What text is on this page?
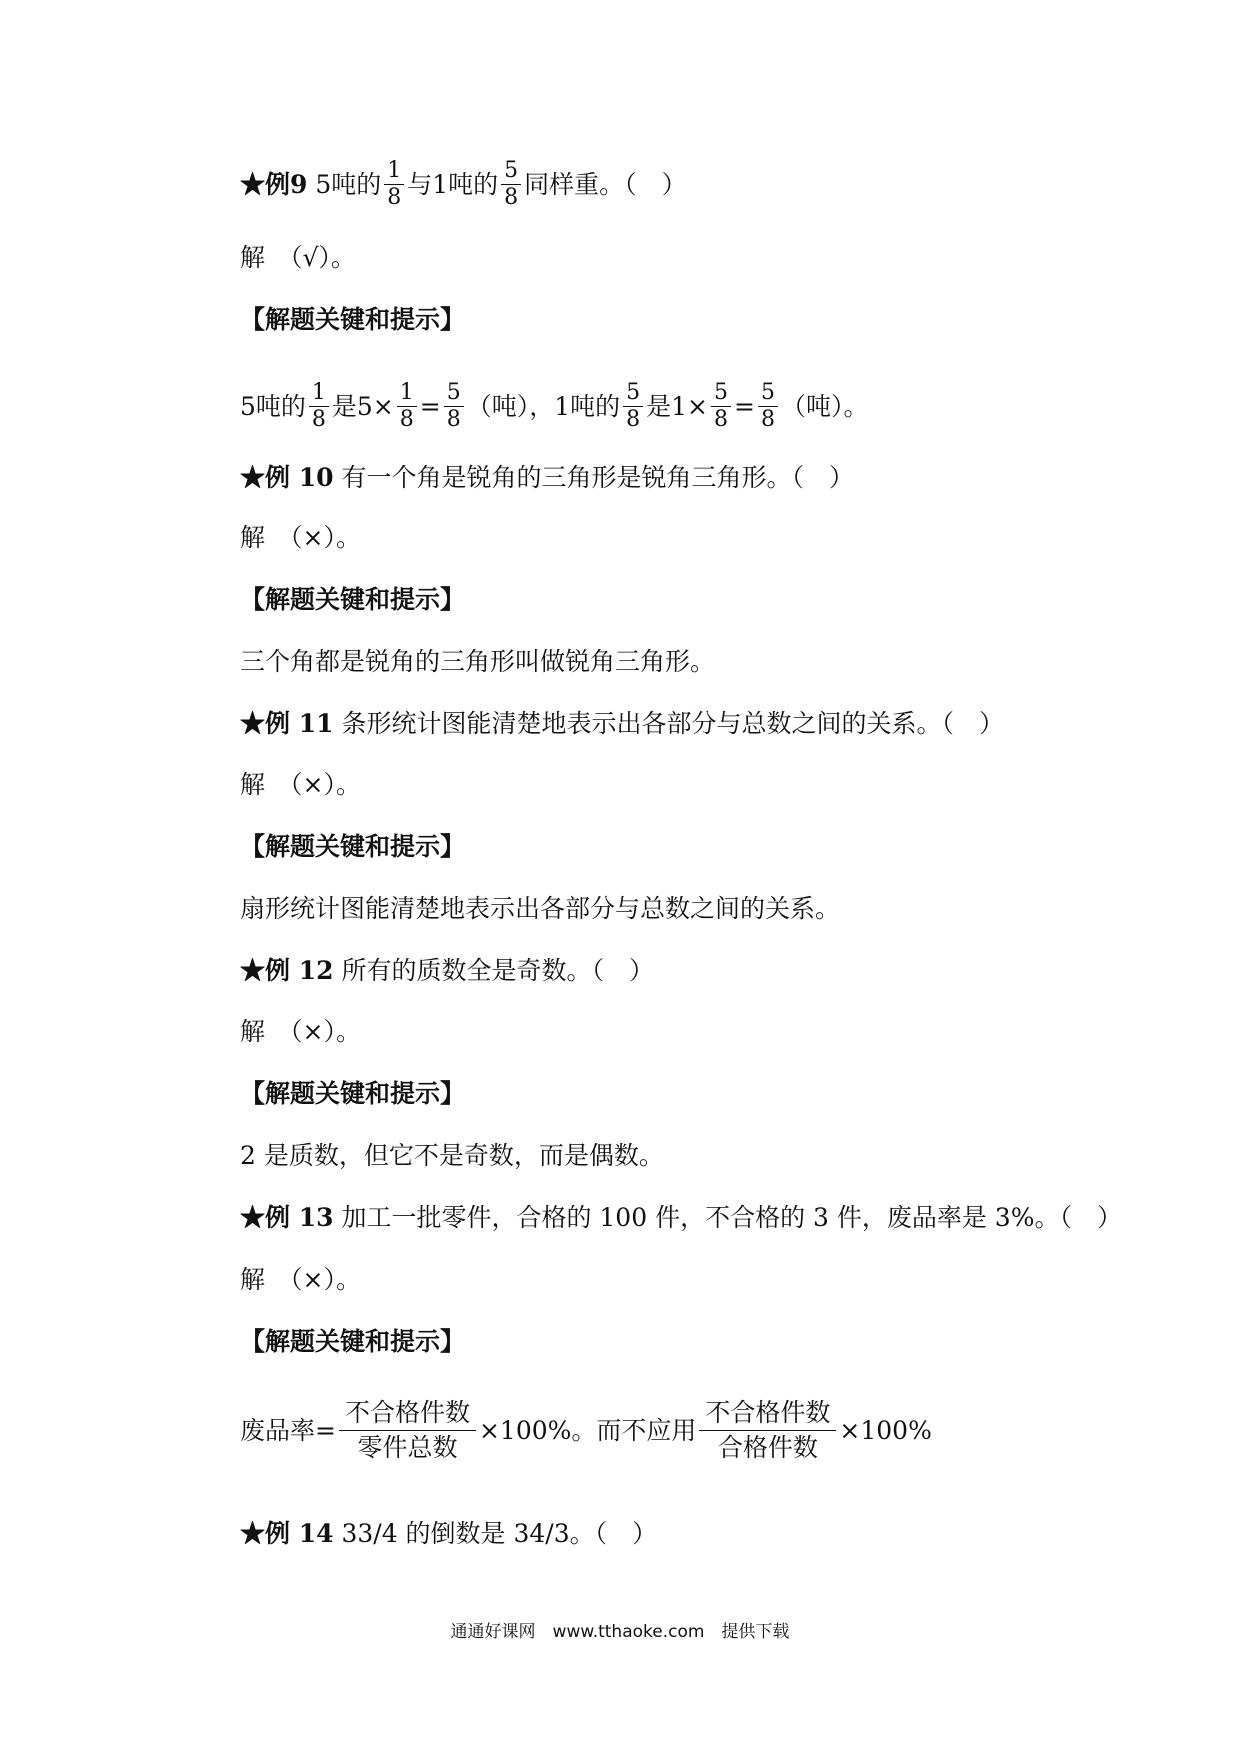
★例9 5吨的 $\frac{1}{8}$ 与1吨的 $\frac{5}{8}$ 同样重。（　）
解　（√）。
【解题关键和提示】
5吨的 $\frac{1}{8}$ 是$5\times \frac{1}{8} = \frac{5}{8}$ （吨），1吨的 $\frac{5}{8}$ 是$1\times \frac{5}{8} = \frac{5}{8}$ （吨）。
★例 10 有一个角是锐角的三角形是锐角三角形。（　）
解　（×）。
【解题关键和提示】
三个角都是锐角的三角形叫做锐角三角形。
★例 11 条形统计图能清楚地表示出各部分与总数之间的关系。（　）
解　（×）。
【解题关键和提示】
扇形统计图能清楚地表示出各部分与总数之间的关系。
★例 12 所有的质数全是奇数。（　）
解　（×）。
【解题关键和提示】
2 是质数，但它不是奇数，而是偶数。
★例 13 加工一批零件，合格的 100 件，不合格的 3 件，废品率是 3%。（　）
解　（×）。
【解题关键和提示】
废品率= $\frac{\text{不合格件数}}{\text{零件总数}} \times 100\%$。而不应用 $\frac{\text{不合格件数}}{\text{合格件数}} \times 100\%$
★例 14 33/4 的倒数是 34/3。（　）
通通好课网　www.tthaoke.com　提供下载
